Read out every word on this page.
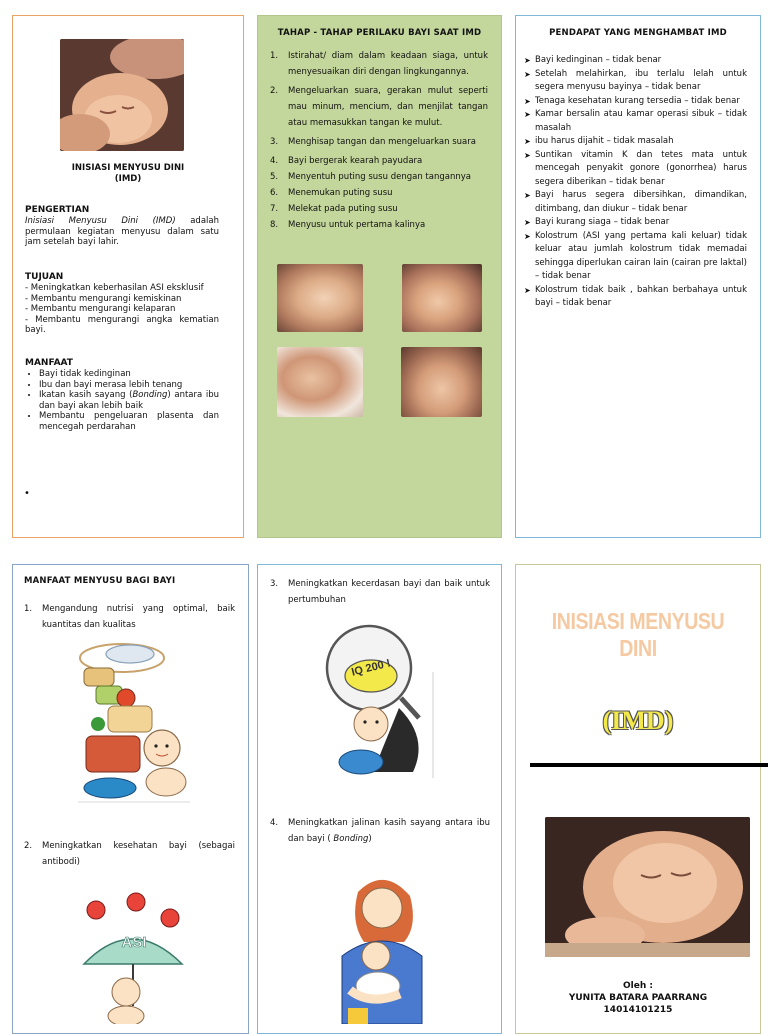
INISIASI MENYUSU DINI
(IMD)
PENGERTIAN
Inisiasi Menyusu Dini (IMD) adalah permulaan kegiatan menyusu dalam satu jam setelah bayi lahir.
TUJUAN
- Meningkatkan keberhasilan ASI eksklusif
- Membantu mengurangi kemiskinan
- Membantu mengurangi kelaparan
- Membantu mengurangi angka kematian bayi.
MANFAAT
• Bayi tidak kedinginan
• Ibu dan bayi merasa lebih tenang
• Ikatan kasih sayang (Bonding) antara ibu dan bayi akan lebih baik
• Membantu pengeluaran plasenta dan mencegah perdarahan
•
TAHAP - TAHAP PERILAKU BAYI SAAT IMD
1.	Istirahat/ diam dalam keadaan siaga, untuk menyesuaikan diri dengan lingkungannya.
2.	Mengeluarkan suara, gerakan mulut seperti mau minum, mencium, dan menjilat tangan atau memasukkan tangan ke mulut.
3.	Menghisap tangan dan mengeluarkan suara
4.	Bayi bergerak kearah payudara
5.	Menyentuh puting susu dengan tangannya
6.	Menemukan puting susu
7.	Melekat pada puting susu
8.	Menyusu untuk pertama kalinya
PENDAPAT YANG MENGHAMBAT IMD
➤ Bayi kedinginan – tidak benar
➤ Setelah melahirkan, ibu terlalu lelah untuk segera menyusu bayinya – tidak benar
➤ Tenaga kesehatan kurang tersedia – tidak benar
➤ Kamar bersalin atau kamar operasi sibuk – tidak masalah
➤ ibu harus dijahit – tidak masalah
➤ Suntikan vitamin K dan tetes mata untuk mencegah penyakit gonore (gonorrhea) harus segera diberikan – tidak benar
➤ Bayi harus segera dibersihkan, dimandikan, ditimbang, dan diukur – tidak benar
➤ Bayi kurang siaga – tidak benar
➤ Kolostrum (ASI yang pertama kali keluar) tidak keluar atau jumlah kolostrum tidak memadai sehingga diperlukan cairan lain (cairan pre laktal) – tidak benar
➤ Kolostrum tidak baik , bahkan berbahaya untuk bayi – tidak benar
MANFAAT MENYUSU BAGI BAYI
1.	Mengandung nutrisi yang optimal, baik kuantitas dan kualitas
2.	Meningkatkan kesehatan bayi (sebagai antibodi)
ASI
3.	Meningkatkan kecerdasan bayi dan baik untuk pertumbuhan
IQ 200 !
4.	Meningkatkan jalinan kasih sayang antara ibu dan bayi ( Bonding)
INISIASI MENYUSU DINI
(IMD)
Oleh :
YUNITA BATARA PAARRANG
14014101215
